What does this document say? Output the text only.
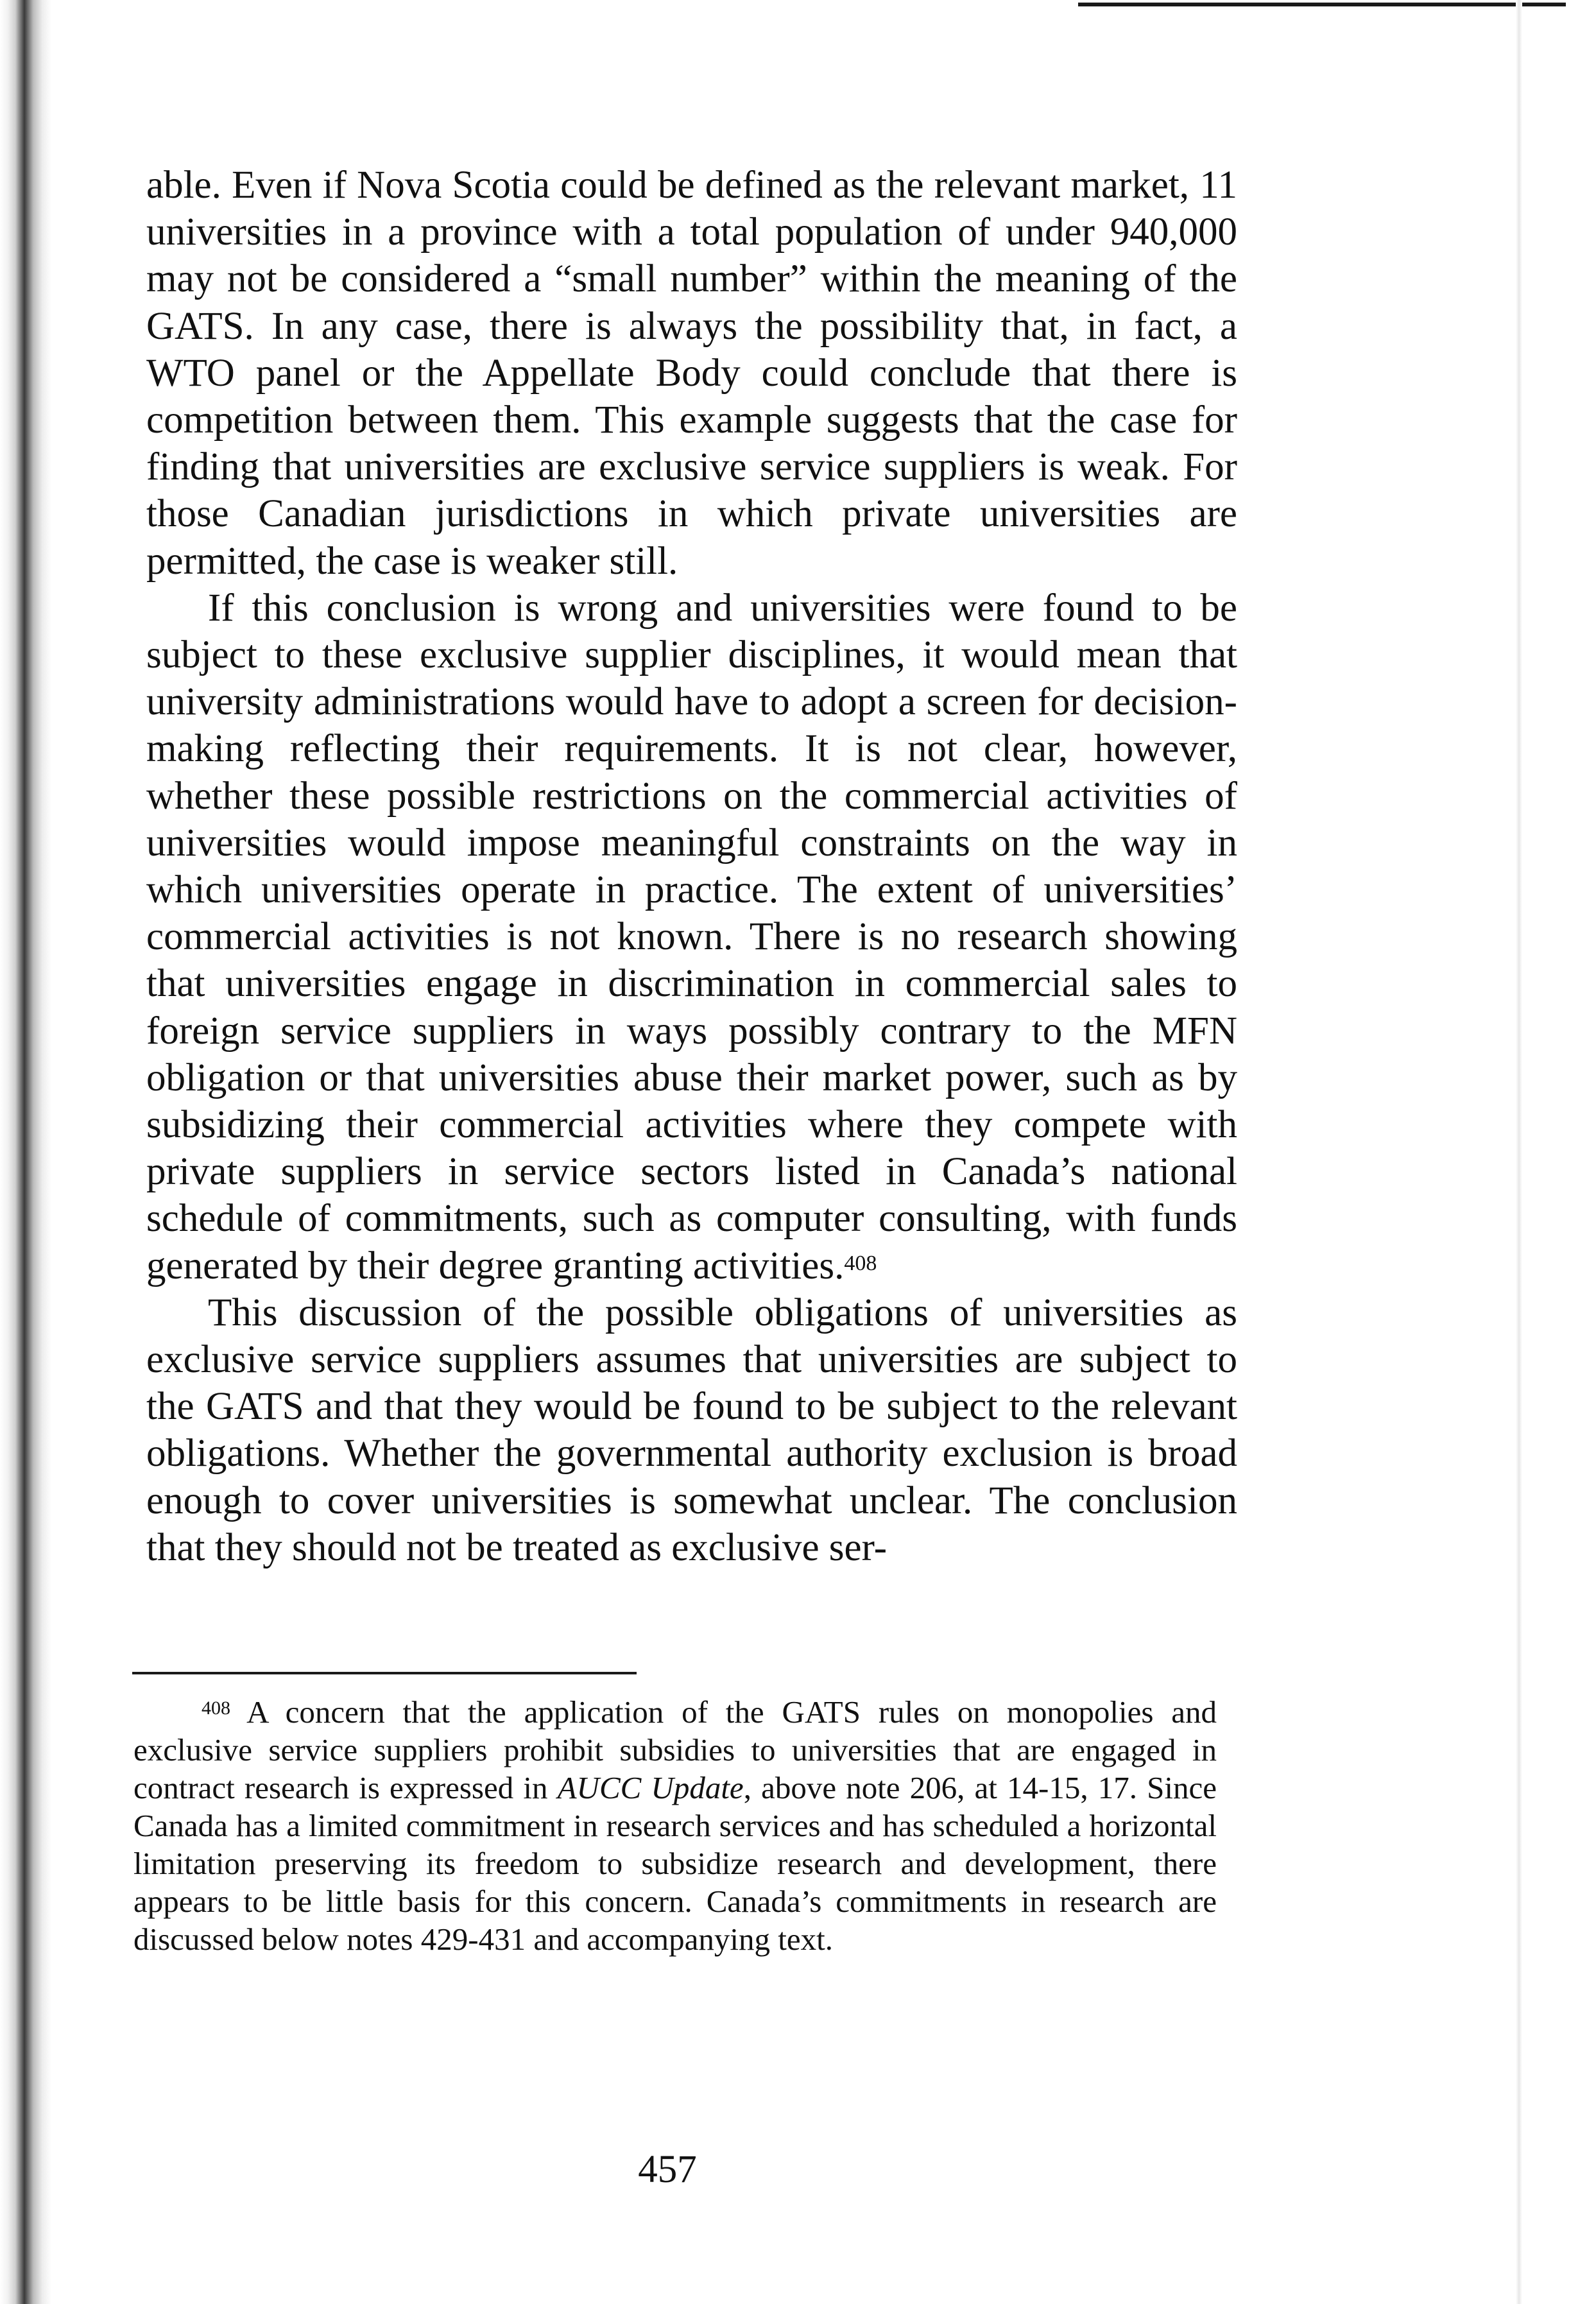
able. Even if Nova Scotia could be defined as the relevant market, 11 universities in a province with a total population of under 940,000 may not be considered a “small number” within the meaning of the GATS. In any case, there is always the possibility that, in fact, a WTO panel or the Appellate Body could conclude that there is competition between them. This example suggests that the case for finding that universities are exclusive service suppliers is weak. For those Canadian jurisdictions in which private universities are permitted, the case is weaker still.

If this conclusion is wrong and universities were found to be subject to these exclusive supplier disciplines, it would mean that university administrations would have to adopt a screen for decision-making reflecting their requirements. It is not clear, however, whether these possible restrictions on the commercial activities of universities would impose meaningful constraints on the way in which universities operate in practice. The extent of universities’ commercial activities is not known. There is no research showing that universities engage in discrimination in commercial sales to foreign service suppliers in ways possibly contrary to the MFN obligation or that universities abuse their market power, such as by subsidizing their commercial activities where they compete with private suppliers in service sectors listed in Canada’s national schedule of commitments, such as computer consulting, with funds generated by their degree granting activities.$^{408}$

This discussion of the possible obligations of universities as exclusive service suppliers assumes that universities are subject to the GATS and that they would be found to be subject to the relevant obligations. Whether the governmental authority exclusion is broad enough to cover universities is somewhat unclear. The conclusion that they should not be treated as exclusive ser-

$^{408}$ A concern that the application of the GATS rules on monopolies and exclusive service suppliers prohibit subsidies to universities that are engaged in contract research is expressed in AUCC Update, above note 206, at 14-15, 17. Since Canada has a limited commitment in research services and has scheduled a horizontal limitation preserving its freedom to subsidize research and development, there appears to be little basis for this concern. Canada’s commitments in research are discussed below notes 429-431 and accompanying text.

457
